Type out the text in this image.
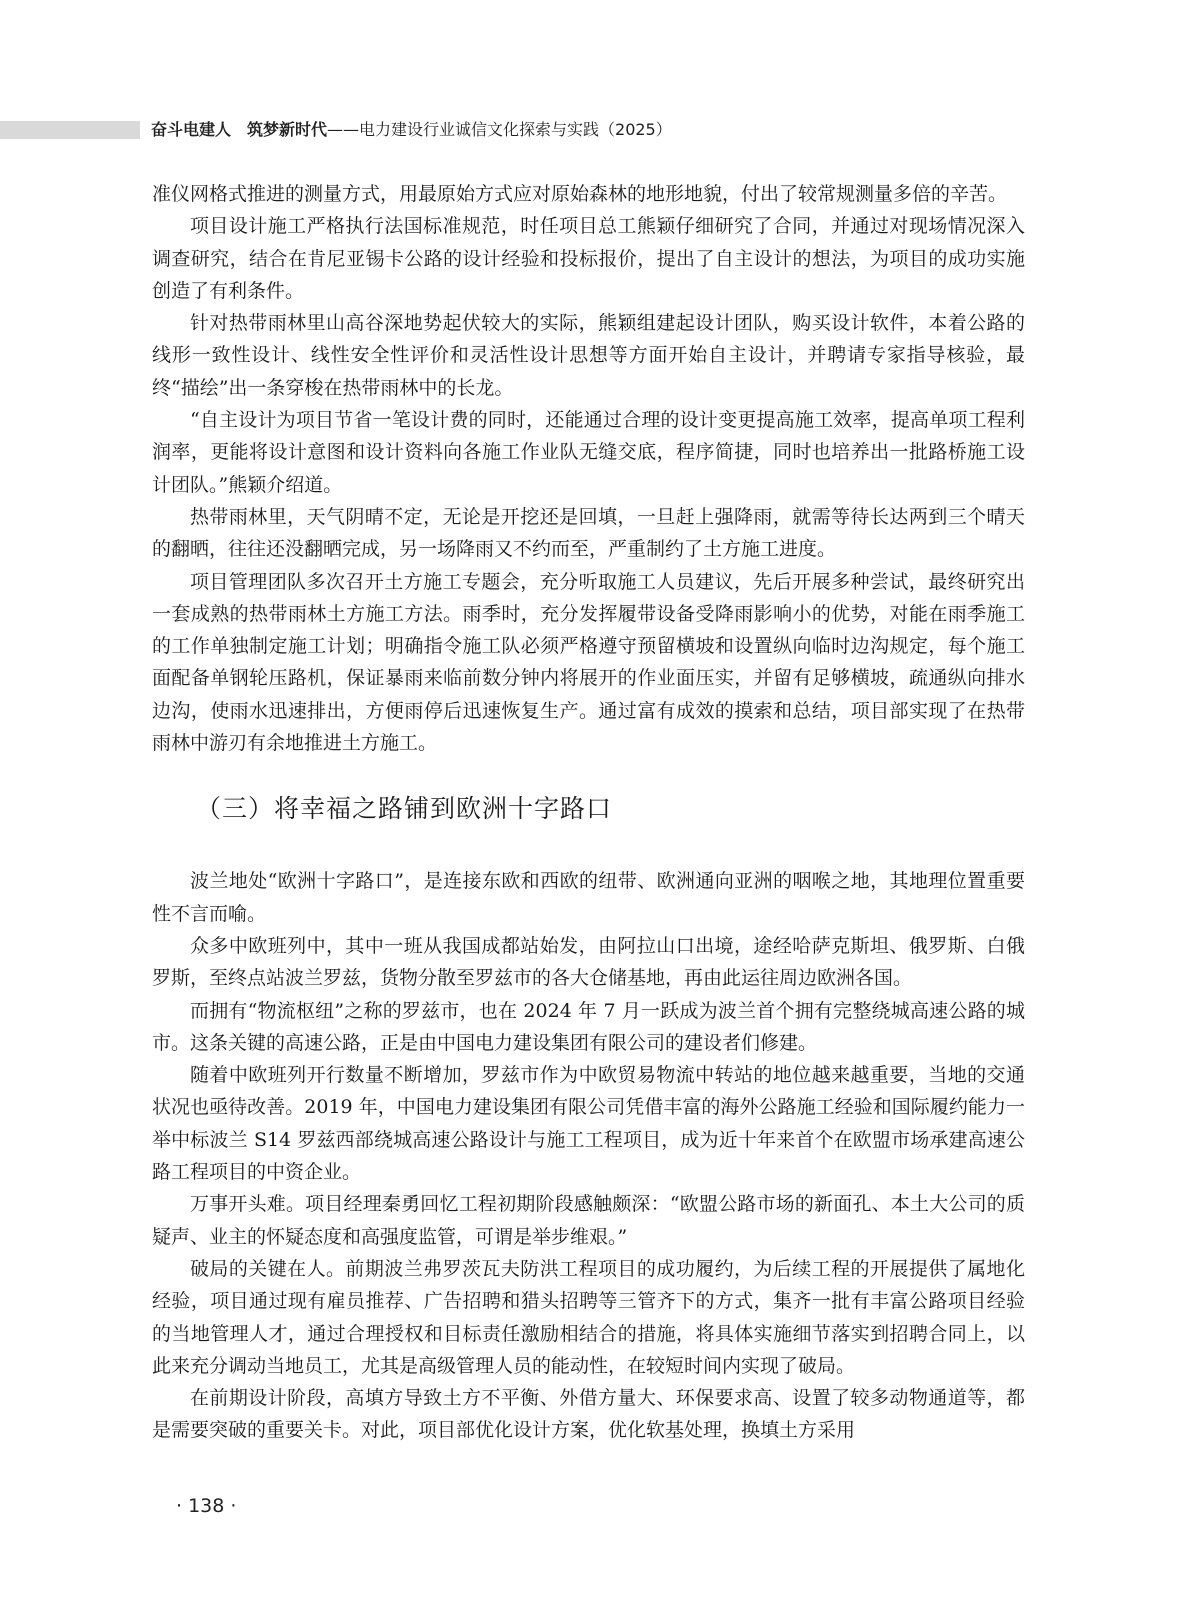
奋斗电建人　筑梦新时代——电力建设行业诚信文化探索与实践（2025）

准仪网格式推进的测量方式，用最原始方式应对原始森林的地形地貌，付出了较常规测量多倍的辛苦。

项目设计施工严格执行法国标准规范，时任项目总工熊颖仔细研究了合同，并通过对现场情况深入调查研究，结合在肯尼亚锡卡公路的设计经验和投标报价，提出了自主设计的想法，为项目的成功实施创造了有利条件。

针对热带雨林里山高谷深地势起伏较大的实际，熊颖组建起设计团队，购买设计软件，本着公路的线形一致性设计、线性安全性评价和灵活性设计思想等方面开始自主设计，并聘请专家指导核验，最终“描绘”出一条穿梭在热带雨林中的长龙。

“自主设计为项目节省一笔设计费的同时，还能通过合理的设计变更提高施工效率，提高单项工程利润率，更能将设计意图和设计资料向各施工作业队无缝交底，程序简捷，同时也培养出一批路桥施工设计团队。”熊颖介绍道。

热带雨林里，天气阴晴不定，无论是开挖还是回填，一旦赶上强降雨，就需等待长达两到三个晴天的翻晒，往往还没翻晒完成，另一场降雨又不约而至，严重制约了土方施工进度。

项目管理团队多次召开土方施工专题会，充分听取施工人员建议，先后开展多种尝试，最终研究出一套成熟的热带雨林土方施工方法。雨季时，充分发挥履带设备受降雨影响小的优势，对能在雨季施工的工作单独制定施工计划；明确指令施工队必须严格遵守预留横坡和设置纵向临时边沟规定，每个施工面配备单钢轮压路机，保证暴雨来临前数分钟内将展开的作业面压实，并留有足够横坡，疏通纵向排水边沟，使雨水迅速排出，方便雨停后迅速恢复生产。通过富有成效的摸索和总结，项目部实现了在热带雨林中游刃有余地推进土方施工。

（三）将幸福之路铺到欧洲十字路口

波兰地处“欧洲十字路口”，是连接东欧和西欧的纽带、欧洲通向亚洲的咽喉之地，其地理位置重要性不言而喻。

众多中欧班列中，其中一班从我国成都站始发，由阿拉山口出境，途经哈萨克斯坦、俄罗斯、白俄罗斯，至终点站波兰罗兹，货物分散至罗兹市的各大仓储基地，再由此运往周边欧洲各国。

而拥有“物流枢纽”之称的罗兹市，也在 2024 年 7 月一跃成为波兰首个拥有完整绕城高速公路的城市。这条关键的高速公路，正是由中国电力建设集团有限公司的建设者们修建。

随着中欧班列开行数量不断增加，罗兹市作为中欧贸易物流中转站的地位越来越重要，当地的交通状况也亟待改善。2019 年，中国电力建设集团有限公司凭借丰富的海外公路施工经验和国际履约能力一举中标波兰 S14 罗兹西部绕城高速公路设计与施工工程项目，成为近十年来首个在欧盟市场承建高速公路工程项目的中资企业。

万事开头难。项目经理秦勇回忆工程初期阶段感触颇深：“欧盟公路市场的新面孔、本土大公司的质疑声、业主的怀疑态度和高强度监管，可谓是举步维艰。”

破局的关键在人。前期波兰弗罗茨瓦夫防洪工程项目的成功履约，为后续工程的开展提供了属地化经验，项目通过现有雇员推荐、广告招聘和猎头招聘等三管齐下的方式，集齐一批有丰富公路项目经验的当地管理人才，通过合理授权和目标责任激励相结合的措施，将具体实施细节落实到招聘合同上，以此来充分调动当地员工，尤其是高级管理人员的能动性，在较短时间内实现了破局。

在前期设计阶段，高填方导致土方不平衡、外借方量大、环保要求高、设置了较多动物通道等，都是需要突破的重要关卡。对此，项目部优化设计方案，优化软基处理，换填土方采用

· 138 ·
